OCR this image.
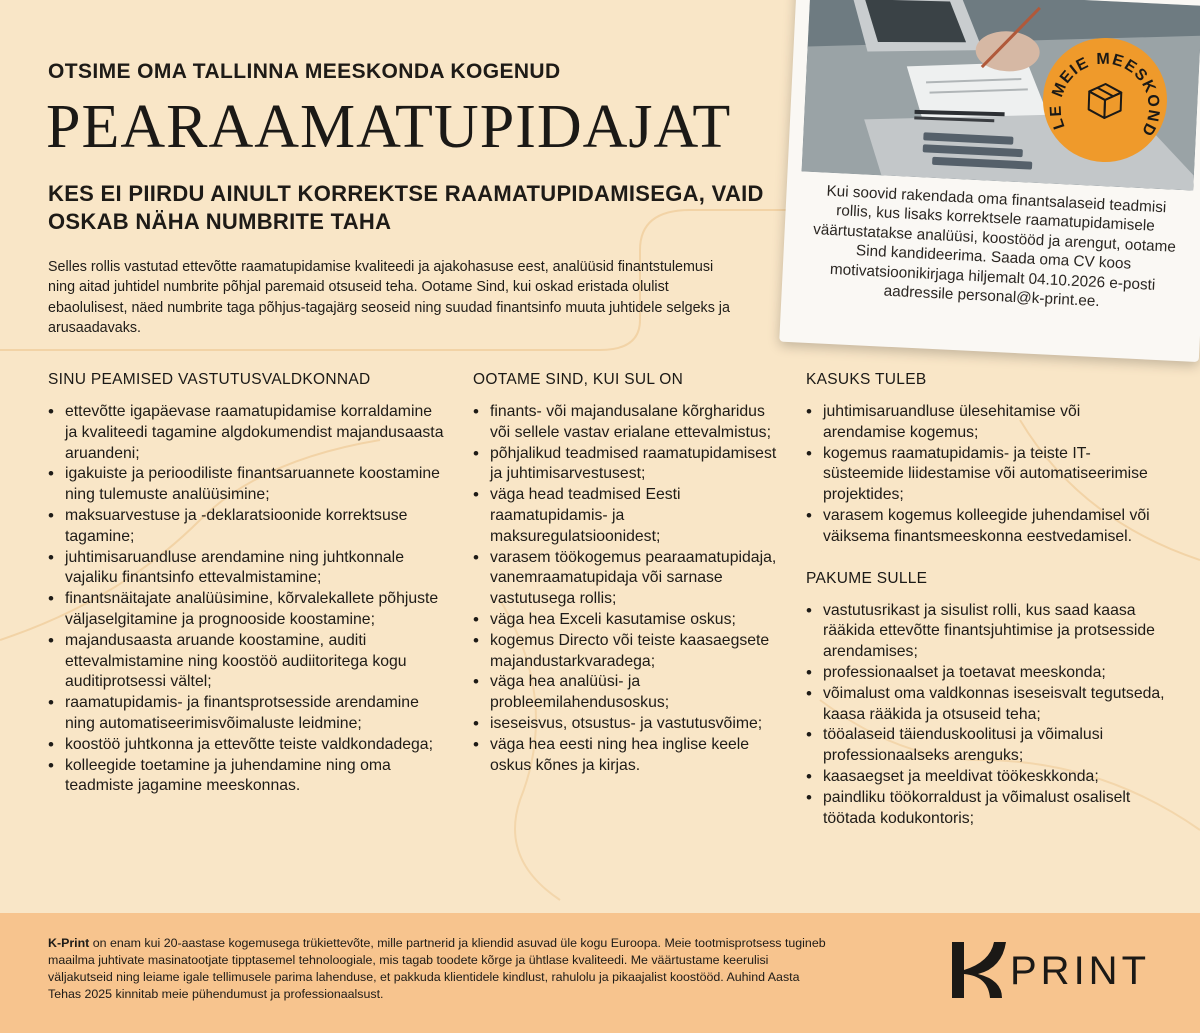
OTSIME OMA TALLINNA MEESKONDA KOGENUD
PEARAAMATUPIDAJAT
KES EI PIIRDU AINULT KORREKTSE RAAMATUPIDAMISEGA, VAID OSKAB NÄHA NUMBRITE TAHA

Selles rollis vastutad ettevõtte raamatupidamise kvaliteedi ja ajakohasuse eest, analüüsid finantstulemusi ning aitad juhtidel numbrite põhjal paremaid otsuseid teha. Ootame Sind, kui oskad eristada olulist ebaolulisest, näed numbrite taga põhjus-tagajärg seoseid ning suudad finantsinfo muuta juhtidele selgeks ja arusaadavaks.

SINU PEAMISED VASTUTUSVALDKONNAD
• ettevõtte igapäevase raamatupidamise korraldamine ja kvaliteedi tagamine algdokumendist majandusaasta aruandeni;
• igakuiste ja perioodiliste finantsaruannete koostamine ning tulemuste analüüsimine;
• maksuarvestuse ja -deklaratsioonide korrektsuse tagamine;
• juhtimisaruandluse arendamine ning juhtkonnale vajaliku finantsinfo ettevalmistamine;
• finantsnäitajate analüüsimine, kõrvalekallete põhjuste väljaselgitamine ja prognooside koostamine;
• majandusaasta aruande koostamine, auditi ettevalmistamine ning koostöö audiitoritega kogu auditiprotsessi vältel;
• raamatupidamis- ja finantsprotsesside arendamine ning automatiseerimisvõimaluste leidmine;
• koostöö juhtkonna ja ettevõtte teiste valdkondadega;
• kolleegide toetamine ja juhendamine ning oma teadmiste jagamine meeskonnas.
OOTAME SIND, KUI SUL ON
• finants- või majandusalane kõrgharidus või sellele vastav erialane ettevalmistus;
• põhjalikud teadmised raamatupidamisest ja juhtimisarvestusest;
• väga head teadmised Eesti raamatupidamis- ja maksuregulatsioonidest;
• varasem töökogemus pearaamatupidaja, vanemraamatupidaja või sarnase vastutusega rollis;
• väga hea Exceli kasutamise oskus;
• kogemus Directo või teiste kaasaegsete majandustarkvaradega;
• väga hea analüüsi- ja probleemilahendusoskus;
• iseseisvus, otsustus- ja vastutusvõime;
• väga hea eesti ning hea inglise keele oskus kõnes ja kirjas.
KASUKS TULEB
• juhtimisaruandluse ülesehitamise või arendamise kogemus;
• kogemus raamatupidamis- ja teiste IT-süsteemide liidestamise või automatiseerimise projektides;
• varasem kogemus kolleegide juhendamisel või väiksema finantsmeeskonna eestvedamisel.
PAKUME SULLE
• vastutusrikast ja sisulist rolli, kus saad kaasa rääkida ettevõtte finantsjuhtimise ja protsesside arendamises;
• professionaalset ja toetavat meeskonda;
• võimalust oma valdkonnas iseseisvalt tegutseda, kaasa rääkida ja otsuseid teha;
• tööalaseid täienduskoolitusi ja võimalusi professionaalseks arenguks;
• kaasaegset ja meeldivat töökeskkonda;
• paindliku töökorraldust ja võimalust osaliselt töötada kodukontoris;

Kui soovid rakendada oma finantsalaseid teadmisi rollis, kus lisaks korrektsele raamatupidamisele väärtustatakse analüüsi, koostööd ja arengut, ootame Sind kandideerima. Saada oma CV koos motivatsioonikirjaga hiljemalt 04.10.2026 e-posti aadressile personal@k-print.ee.

TULE MEIE MEESKONDA!

K-Print on enam kui 20-aastase kogemusega trükiettevõte, mille partnerid ja kliendid asuvad üle kogu Euroopa. Meie tootmisprotsess tugineb maailma juhtivate masinatootjate tipptasemel tehnoloogiale, mis tagab toodete kõrge ja ühtlase kvaliteedi. Me väärtustame keerulisi väljakutseid ning leiame igale tellimusele parima lahenduse, et pakkuda klientidele kindlust, rahulolu ja pikaajalist koostööd. Auhind Aasta Tehas 2025 kinnitab meie pühendumust ja professionaalsust.

PRINT
